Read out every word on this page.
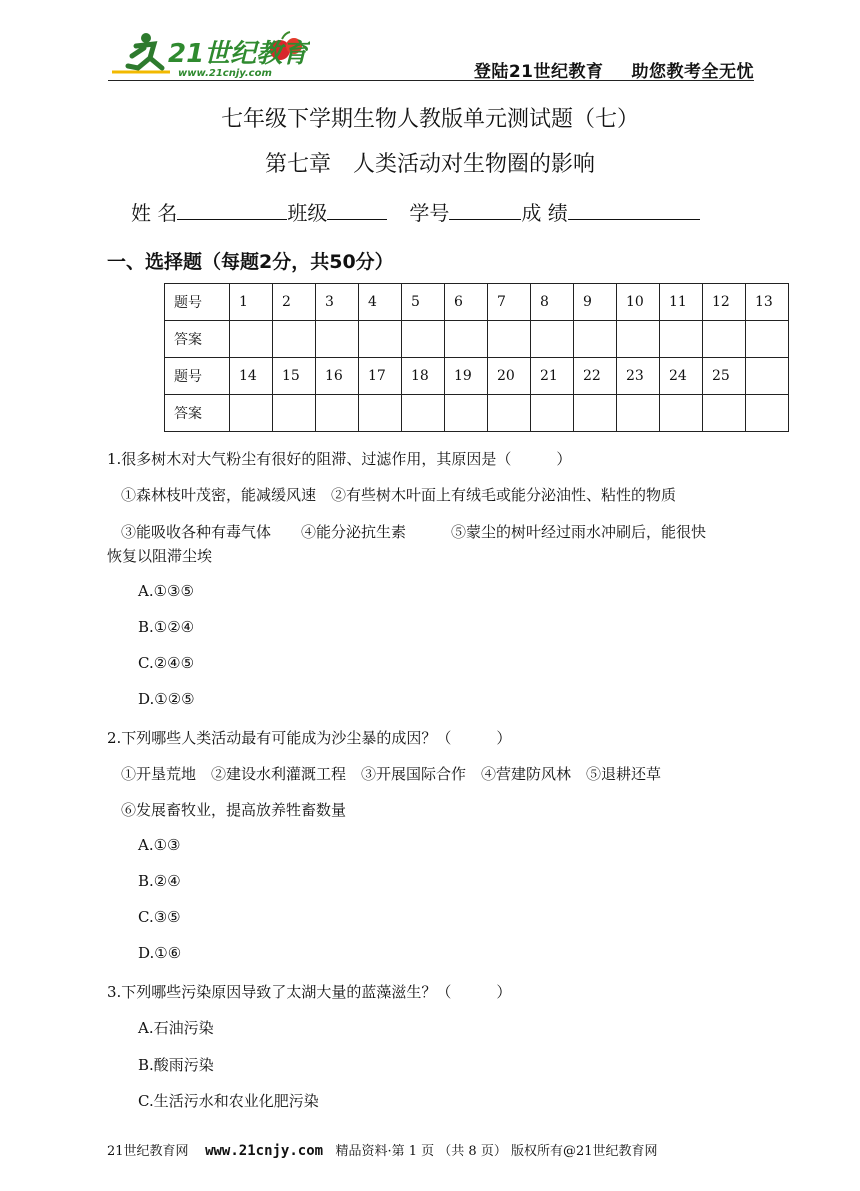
21世纪教育
www.21cnjy.com	登陆21世纪教育 助您教考全无忧
七年级下学期生物人教版单元测试题（七）
第七章　人类活动对生物圈的影响
姓 名	班级	学号	成 绩
一、选择题（每题2分，共50分）
题号	1	2	3	4	5	6	7	8	9	10	11	12	13
答案													
题号	14	15	16	17	18	19	20	21	22	23	24	25	
答案													
1.很多树木对大气粉尘有很好的阻滞、过滤作用，其原因是（　　　）
①森林枝叶茂密，能减缓风速　②有些树木叶面上有绒毛或能分泌油性、粘性的物质
③能吸收各种有毒气体　　④能分泌抗生素　　　⑤蒙尘的树叶经过雨水冲刷后，能很快
恢复以阻滞尘埃
A.①③⑤
B.①②④
C.②④⑤
D.①②⑤
2.下列哪些人类活动最有可能成为沙尘暴的成因？（　　　）
①开垦荒地　②建设水利灌溉工程　③开展国际合作　④营建防风林　⑤退耕还草
⑥发展畜牧业，提高放养牲畜数量
A.①③
B.②④
C.③⑤
D.①⑥
3.下列哪些污染原因导致了太湖大量的蓝藻滋生？（　　　）
A.石油污染
B.酸雨污染
C.生活污水和农业化肥污染
21世纪教育网 www.21cnjy.com 精品资料·第 1 页 （共 8 页） 版权所有@21世纪教育网
